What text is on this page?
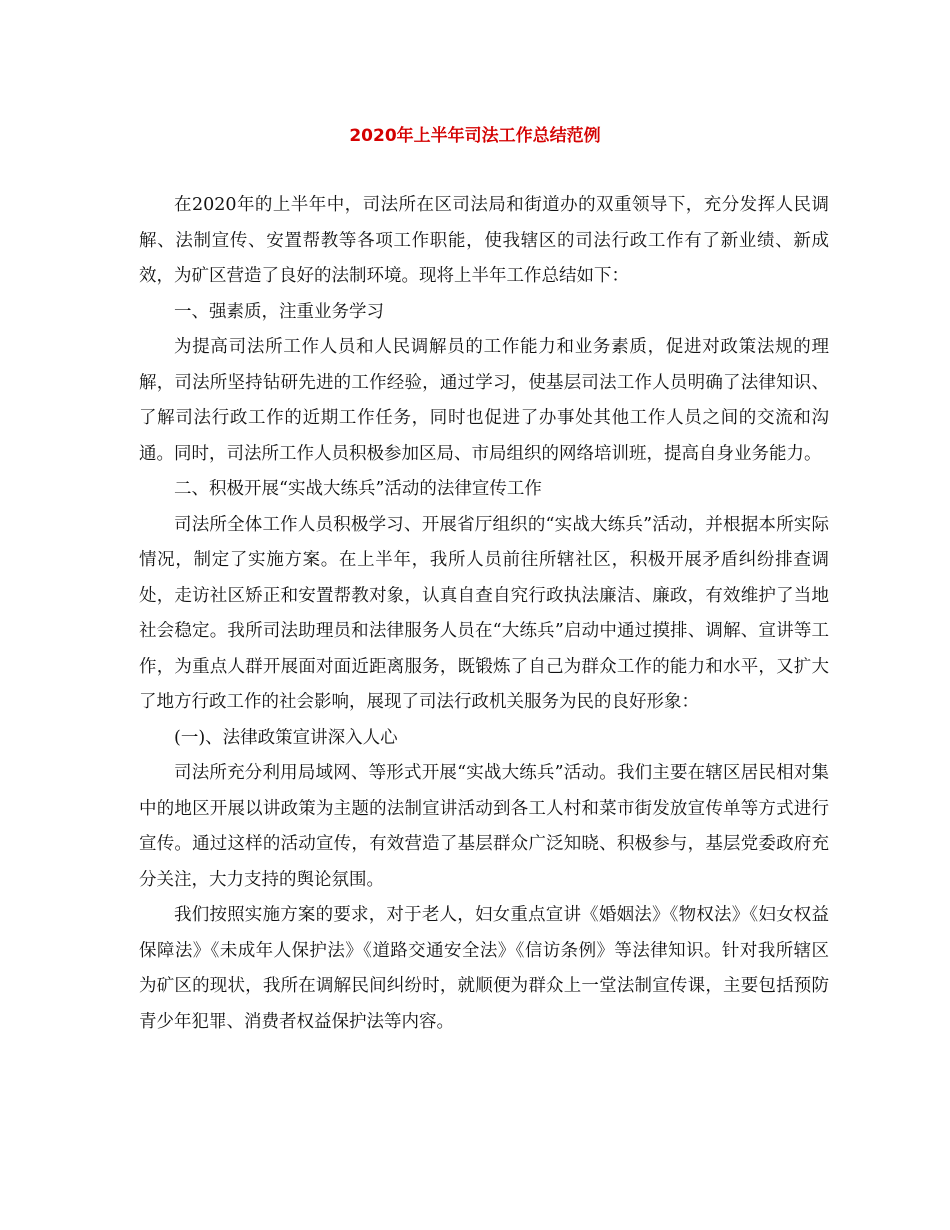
2020年上半年司法工作总结范例

在2020年的上半年中，司法所在区司法局和街道办的双重领导下，充分发挥人民调解、法制宣传、安置帮教等各项工作职能，使我辖区的司法行政工作有了新业绩、新成效，为矿区营造了良好的法制环境。现将上半年工作总结如下：

一、强素质，注重业务学习

为提高司法所工作人员和人民调解员的工作能力和业务素质，促进对政策法规的理解，司法所坚持钻研先进的工作经验，通过学习，使基层司法工作人员明确了法律知识、了解司法行政工作的近期工作任务，同时也促进了办事处其他工作人员之间的交流和沟通。同时，司法所工作人员积极参加区局、市局组织的网络培训班，提高自身业务能力。

二、积极开展“实战大练兵”活动的法律宣传工作

司法所全体工作人员积极学习、开展省厅组织的“实战大练兵”活动，并根据本所实际情况，制定了实施方案。在上半年，我所人员前往所辖社区，积极开展矛盾纠纷排查调处，走访社区矫正和安置帮教对象，认真自查自究行政执法廉洁、廉政，有效维护了当地社会稳定。我所司法助理员和法律服务人员在“大练兵”启动中通过摸排、调解、宣讲等工作，为重点人群开展面对面近距离服务，既锻炼了自己为群众工作的能力和水平，又扩大了地方行政工作的社会影响，展现了司法行政机关服务为民的良好形象：

(一)、法律政策宣讲深入人心

司法所充分利用局域网、等形式开展“实战大练兵”活动。我们主要在辖区居民相对集中的地区开展以讲政策为主题的法制宣讲活动到各工人村和菜市街发放宣传单等方式进行宣传。通过这样的活动宣传，有效营造了基层群众广泛知晓、积极参与，基层党委政府充分关注，大力支持的舆论氛围。

我们按照实施方案的要求，对于老人，妇女重点宣讲《婚姻法》《物权法》《妇女权益保障法》《未成年人保护法》《道路交通安全法》《信访条例》等法律知识。针对我所辖区为矿区的现状，我所在调解民间纠纷时，就顺便为群众上一堂法制宣传课，主要包括预防青少年犯罪、消费者权益保护法等内容。
